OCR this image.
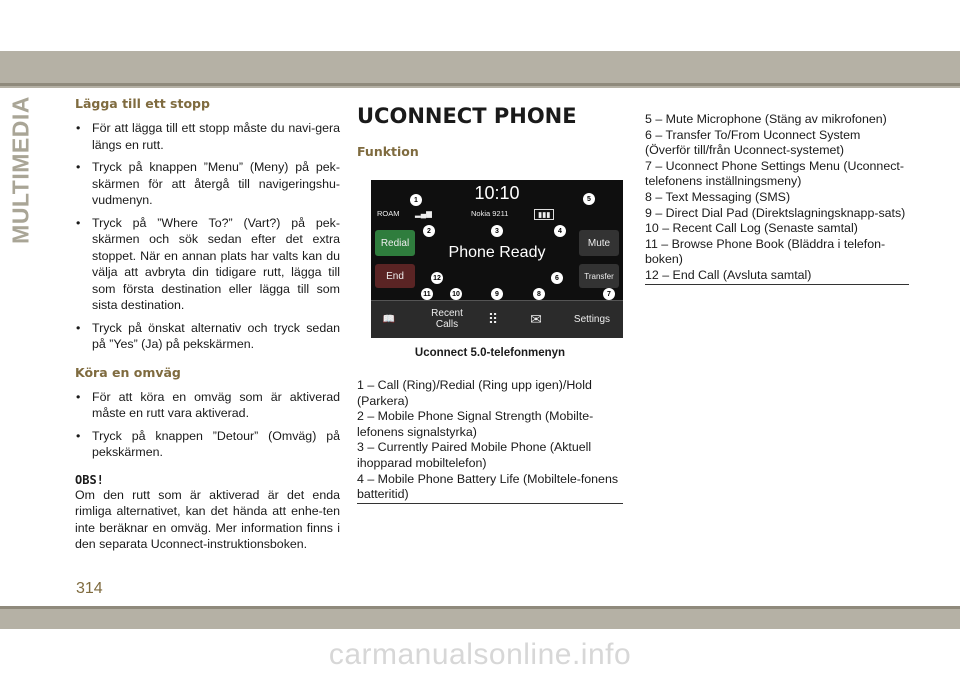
MULTIMEDIA	Lägga till ett stopp
• För att lägga till ett stopp måste du navi-gera längs en rutt.
• Tryck på knappen ”Menu” (Meny) på pek-skärmen för att återgå till navigeringshu-vudmenyn.
• Tryck på ”Where To?” (Vart?) på pek-skärmen och sök sedan efter det extra stoppet. När en annan plats har valts kan du välja att avbryta din tidigare rutt, lägga till som första destination eller lägga till som sista destination.
• Tryck på önskat alternativ och tryck sedan på ”Yes” (Ja) på pekskärmen.
Köra en omväg
• För att köra en omväg som är aktiverad måste en rutt vara aktiverad.
• Tryck på knappen ”Detour” (Omväg) på pekskärmen.
OBS!
Om den rutt som är aktiverad är det enda rimliga alternativet, kan det hända att enhe-ten inte beräknar en omväg. Mer information finns i den separata Uconnect-instruktionsboken.
UCONNECT PHONE
Funktion
10:10
ROAM ▂▄▆	Nokia 9211	▮▮▮
Redial	Mute
End	Transfer
Phone Ready
📖	Recent Calls	⠿	✉	Settings
1
2	3	4
5
6
7
8
9
10
11
12
Uconnect 5.0-telefonmenyn
1 – Call (Ring)/Redial (Ring upp igen)/Hold (Parkera)
2 – Mobile Phone Signal Strength (Mobilte-lefonens signalstyrka)
3 – Currently Paired Mobile Phone (Aktuell ihopparad mobiltelefon)
4 – Mobile Phone Battery Life (Mobiltele-fonens batteritid)
5 – Mute Microphone (Stäng av mikrofonen)
6 – Transfer To/From Uconnect System (Överför till/från Uconnect-systemet)
7 – Uconnect Phone Settings Menu (Uconnect-telefonens inställningsmeny)
8 – Text Messaging (SMS)
9 – Direct Dial Pad (Direktslagningsknapp-sats)
10 – Recent Call Log (Senaste samtal)
11 – Browse Phone Book (Bläddra i telefon-boken)
12 – End Call (Avsluta samtal)
314
carmanualsonline.info
